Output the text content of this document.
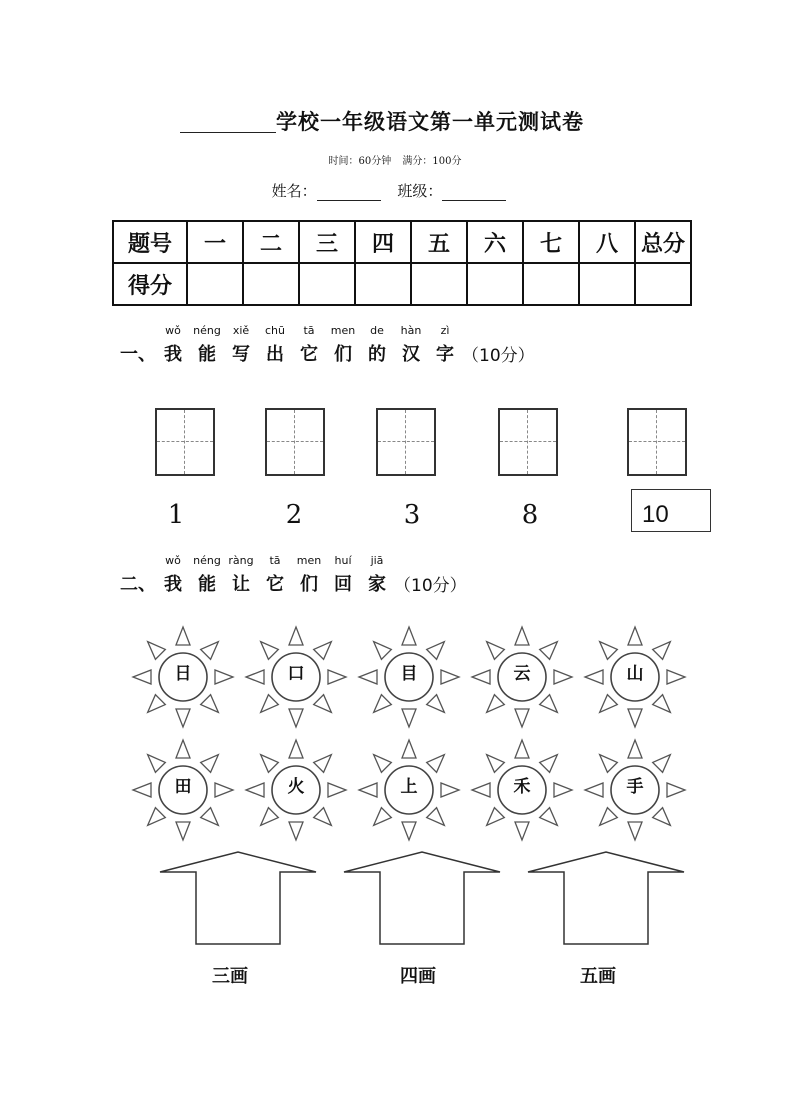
学校一年级语文第一单元测试卷
时间：60分钟 满分：100分
姓名：	班级：
题号	一	二	三	四	五	六	七	八	总分
得分									
一、
wǒ
我
néng
能
xiě
写
chū
出
tā
它
men
们
de
的
hàn
汉
zì
字 （10分）
1	2	3	8	10
二、
wǒ
我
néng
能
ràng
让
tā
它
men
们
huí
回
jiā
家 （10分）
日	口	目	云	山
田	火	上	禾	手
三画	四画	五画
